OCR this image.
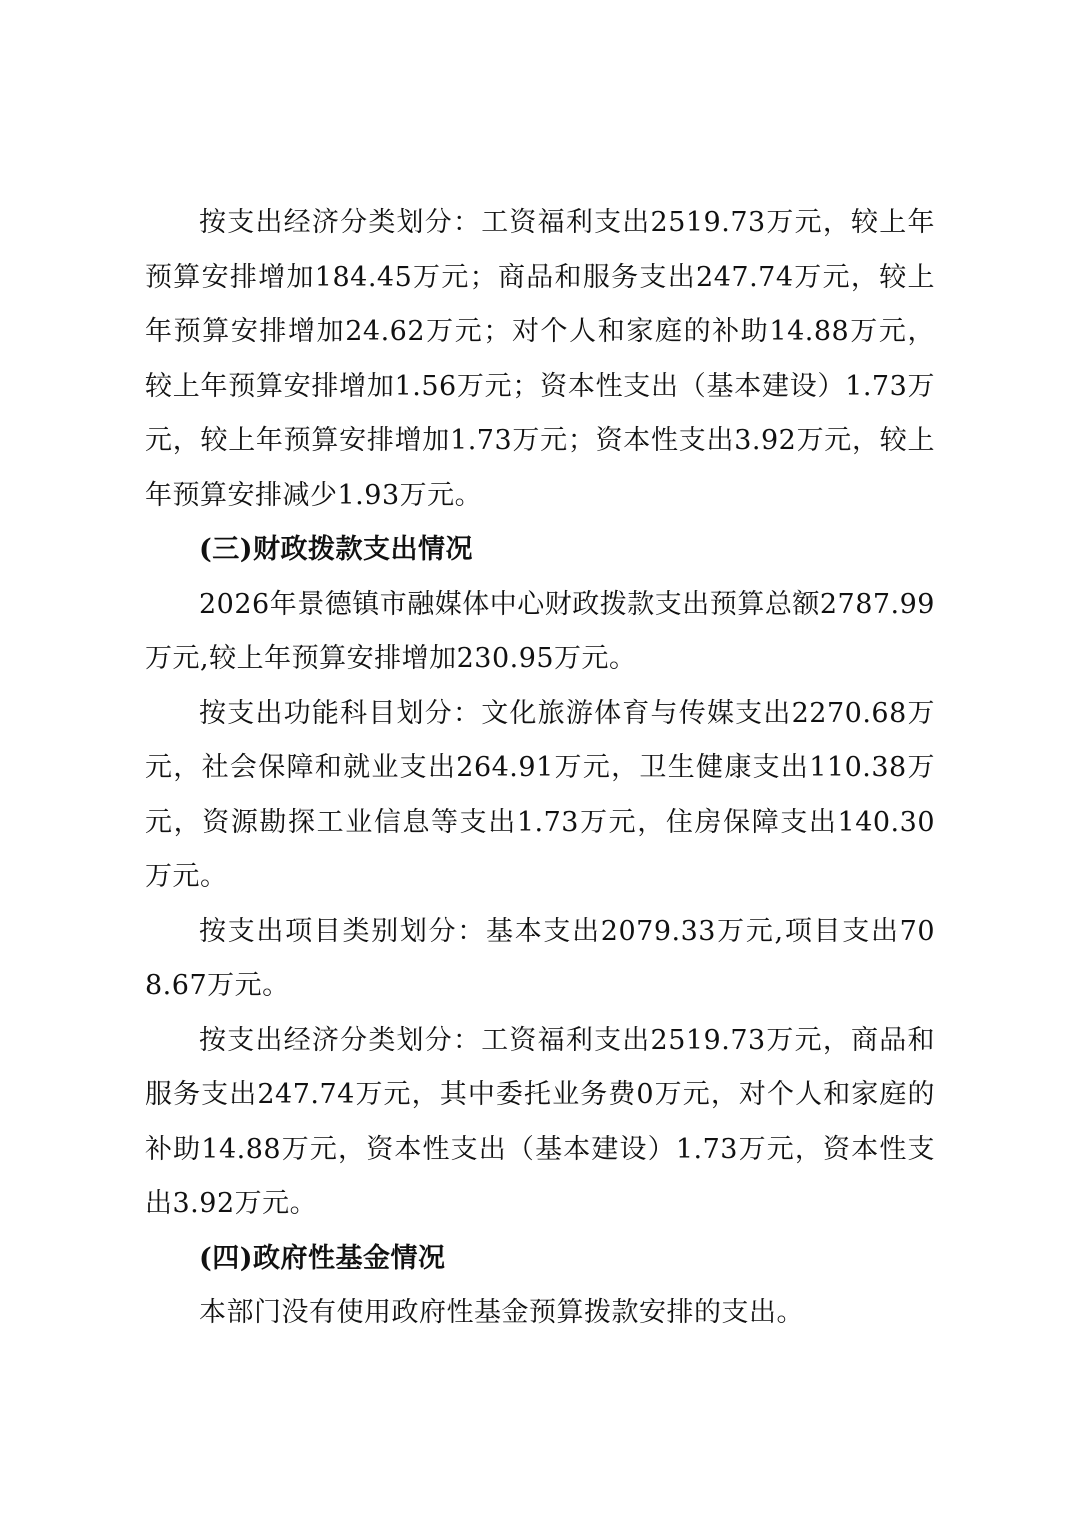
按支出经济分类划分：工资福利支出2519.73万元，较上年预算安排增加184.45万元；商品和服务支出247.74万元，较上年预算安排增加24.62万元；对个人和家庭的补助14.88万元，较上年预算安排增加1.56万元；资本性支出（基本建设）1.73万元，较上年预算安排增加1.73万元；资本性支出3.92万元，较上年预算安排减少1.93万元。

(三)财政拨款支出情况

2026年景德镇市融媒体中心财政拨款支出预算总额2787.99万元,较上年预算安排增加230.95万元。

按支出功能科目划分：文化旅游体育与传媒支出2270.68万元，社会保障和就业支出264.91万元，卫生健康支出110.38万元，资源勘探工业信息等支出1.73万元，住房保障支出140.30万元。

按支出项目类别划分：基本支出2079.33万元,项目支出708.67万元。

按支出经济分类划分：工资福利支出2519.73万元，商品和服务支出247.74万元，其中委托业务费0万元，对个人和家庭的补助14.88万元，资本性支出（基本建设）1.73万元，资本性支出3.92万元。

(四)政府性基金情况

本部门没有使用政府性基金预算拨款安排的支出。
